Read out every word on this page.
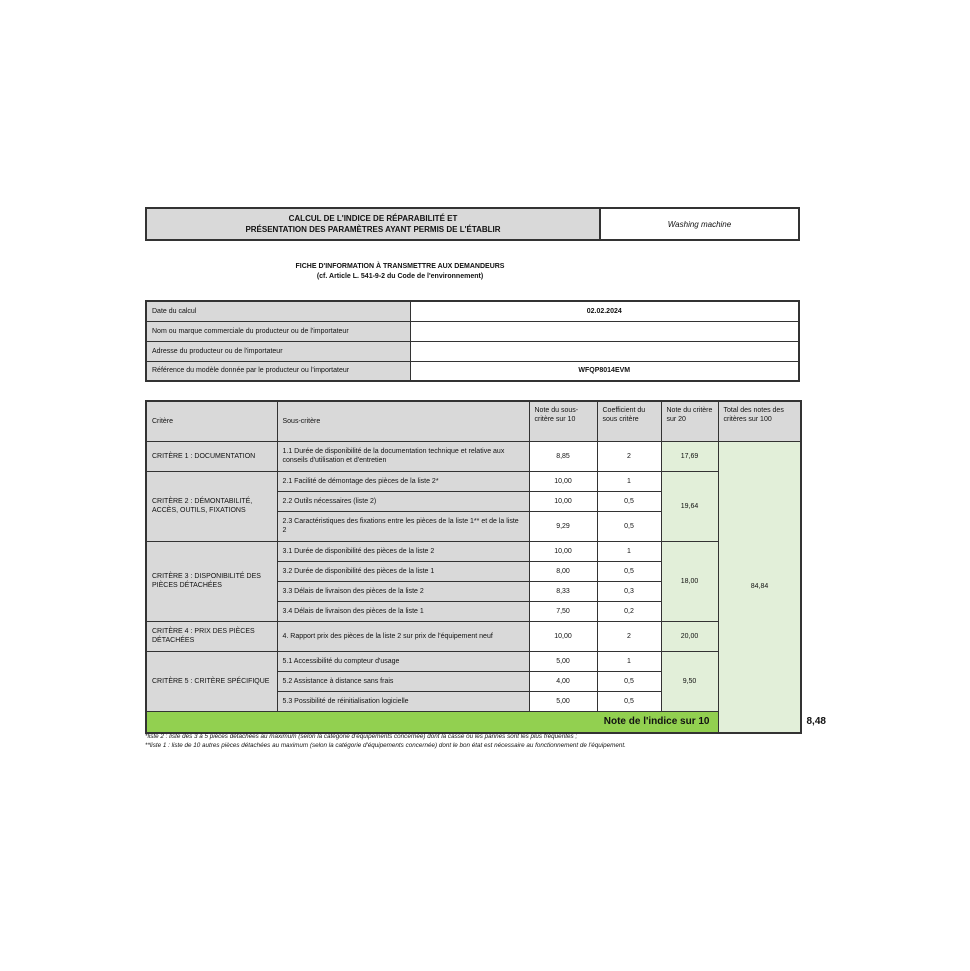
CALCUL DE L'INDICE DE RÉPARABILITÉ ET
PRÉSENTATION DES PARAMÈTRES AYANT PERMIS DE L'ÉTABLIR
Washing machine
FICHE D'INFORMATION À TRANSMETTRE AUX DEMANDEURS
(cf. Article L. 541-9-2 du Code de l'environnement)
Date du calcul	02.02.2024
Nom ou marque commerciale du producteur ou de l'importateur	
Adresse du producteur ou de l'importateur	
Référence du modèle donnée par le producteur ou l'importateur	WFQP8014EVM
Critère	Sous-critère	Note du sous-critère sur 10	Coefficient du sous critère	Note du critère sur 20	Total des notes des critères sur 100	
CRITÈRE 1 : DOCUMENTATION	1.1 Durée de disponibilité de la documentation technique et relative aux conseils d'utilisation et d'entretien	8,85	2	17,69	84,84	
CRITÈRE 2 : DÉMONTABILITÉ, ACCÈS, OUTILS, FIXATIONS	2.1 Facilité de démontage des pièces de la liste 2*	10,00	1	19,64		
	2.2 Outils nécessaires (liste 2)	10,00	0,5			
	2.3 Caractéristiques des fixations entre les pièces de la liste 1** et de la liste 2	9,29	0,5			
CRITÈRE 3 : DISPONIBILITÉ DES PIÈCES DÉTACHÉES	3.1 Durée de disponibilité des pièces de la liste 2	10,00	1	18,00		
	3.2 Durée de disponibilité des pièces de la liste 1	8,00	0,5			
	3.3 Délais de livraison des pièces de la liste 2	8,33	0,3			
	3.4 Délais de livraison des pièces de la liste 1	7,50	0,2			
CRITÈRE 4 : PRIX DES PIÈCES DÉTACHÉES	4. Rapport prix des pièces de la liste 2 sur prix de l'équipement neuf	10,00	2	20,00		
CRITÈRE 5 : CRITÈRE SPÉCIFIQUE	5.1 Accessibilité du compteur d'usage	5,00	1	9,50		
	5.2 Assistance à distance sans frais	4,00	0,5			
	5.3 Possibilité de réinitialisation logicielle	5,00	0,5			
Note de l'indice sur 10						8,48
*liste 2 : liste des 3 à 5 pièces détachées au maximum (selon la catégorie d'équipements concernée) dont la casse ou les pannes sont les plus fréquentes ;
**liste 1 : liste de 10 autres pièces détachées au maximum (selon la catégorie d'équipements concernée) dont le bon état est nécessaire au fonctionnement de l'équipement.
